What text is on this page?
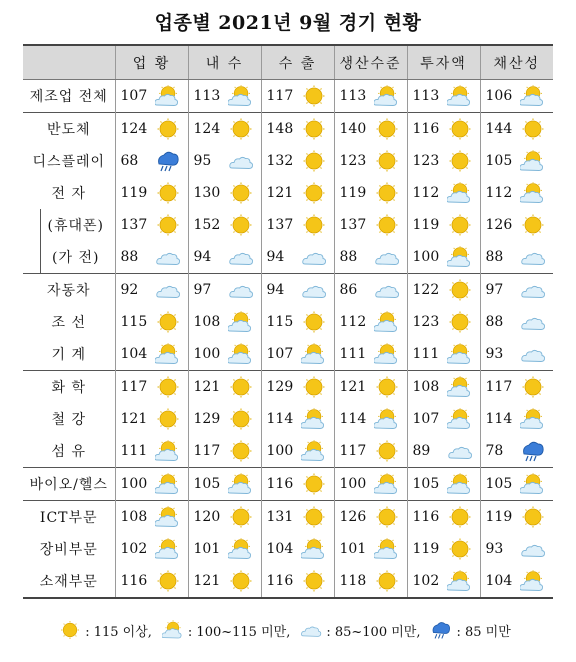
업종별 2021년 9월 경기 현황
	업 황	내 수	수 출	생산수준	투자액	채산성
제조업 전체	107	113	117	113	113	106

반도체	124	124	148	140	116	144

디스플레이	68	95	132	123	123	105

전 자	119	130	121	119	112	112

(휴대폰)	137	152	137	137	119	126

(가 전)	88	94	94	88	100	88

자동차	92	97	94	86	122	97

조 선	115	108	115	112	123	88

기 계	104	100	107	111	111	93

화 학	117	121	129	121	108	117

철 강	121	129	114	114	107	114

섬 유	111	117	100	117	89	78

바이오/헬스	100	105	116	100	105	105

ICT부문	108	120	131	126	116	119

장비부문	102	101	104	101	119	93

소재부문	116	121	116	118	102	104
: 115 이상,	: 100~115 미만,	: 85~100 미만,	: 85 미만
